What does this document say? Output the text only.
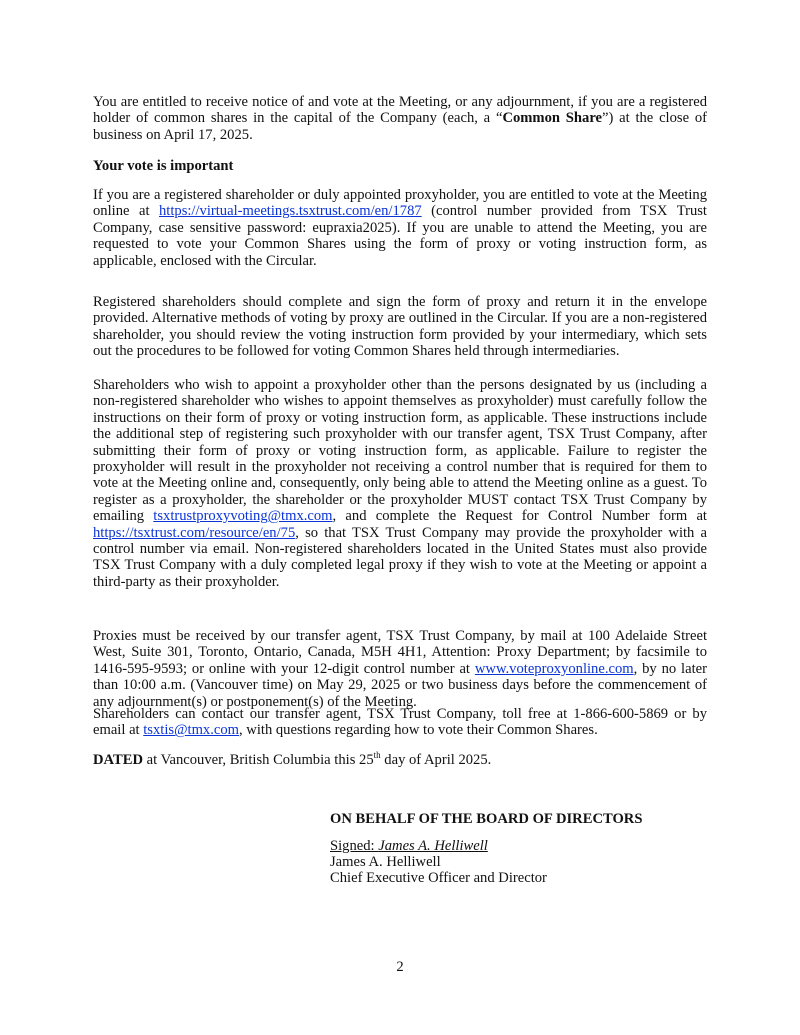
You are entitled to receive notice of and vote at the Meeting, or any adjournment, if you are a registered holder of common shares in the capital of the Company (each, a “Common Share”) at the close of business on April 17, 2025.

Your vote is important

If you are a registered shareholder or duly appointed proxyholder, you are entitled to vote at the Meeting online at https://virtual-meetings.tsxtrust.com/en/1787 (control number provided from TSX Trust Company, case sensitive password: eupraxia2025). If you are unable to attend the Meeting, you are requested to vote your Common Shares using the form of proxy or voting instruction form, as applicable, enclosed with the Circular.

Registered shareholders should complete and sign the form of proxy and return it in the envelope provided. Alternative methods of voting by proxy are outlined in the Circular. If you are a non-registered shareholder, you should review the voting instruction form provided by your intermediary, which sets out the procedures to be followed for voting Common Shares held through intermediaries.

Shareholders who wish to appoint a proxyholder other than the persons designated by us (including a non-registered shareholder who wishes to appoint themselves as proxyholder) must carefully follow the instructions on their form of proxy or voting instruction form, as applicable. These instructions include the additional step of registering such proxyholder with our transfer agent, TSX Trust Company, after submitting their form of proxy or voting instruction form, as applicable. Failure to register the proxyholder will result in the proxyholder not receiving a control number that is required for them to vote at the Meeting online and, consequently, only being able to attend the Meeting online as a guest. To register as a proxyholder, the shareholder or the proxyholder MUST contact TSX Trust Company by emailing tsxtrustproxyvoting@tmx.com, and complete the Request for Control Number form at https://tsxtrust.com/resource/en/75, so that TSX Trust Company may provide the proxyholder with a control number via email. Non-registered shareholders located in the United States must also provide TSX Trust Company with a duly completed legal proxy if they wish to vote at the Meeting or appoint a third-party as their proxyholder.

Proxies must be received by our transfer agent, TSX Trust Company, by mail at 100 Adelaide Street West, Suite 301, Toronto, Ontario, Canada, M5H 4H1, Attention: Proxy Department; by facsimile to 1416-595-9593; or online with your 12-digit control number at www.voteproxyonline.com, by no later than 10:00 a.m. (Vancouver time) on May 29, 2025 or two business days before the commencement of any adjournment(s) or postponement(s) of the Meeting.

Shareholders can contact our transfer agent, TSX Trust Company, toll free at 1-866-600-5869 or by email at tsxtis@tmx.com, with questions regarding how to vote their Common Shares.

DATED at Vancouver, British Columbia this 25th day of April 2025.

ON BEHALF OF THE BOARD OF DIRECTORS
Signed: James A. Helliwell
James A. Helliwell
Chief Executive Officer and Director
2
